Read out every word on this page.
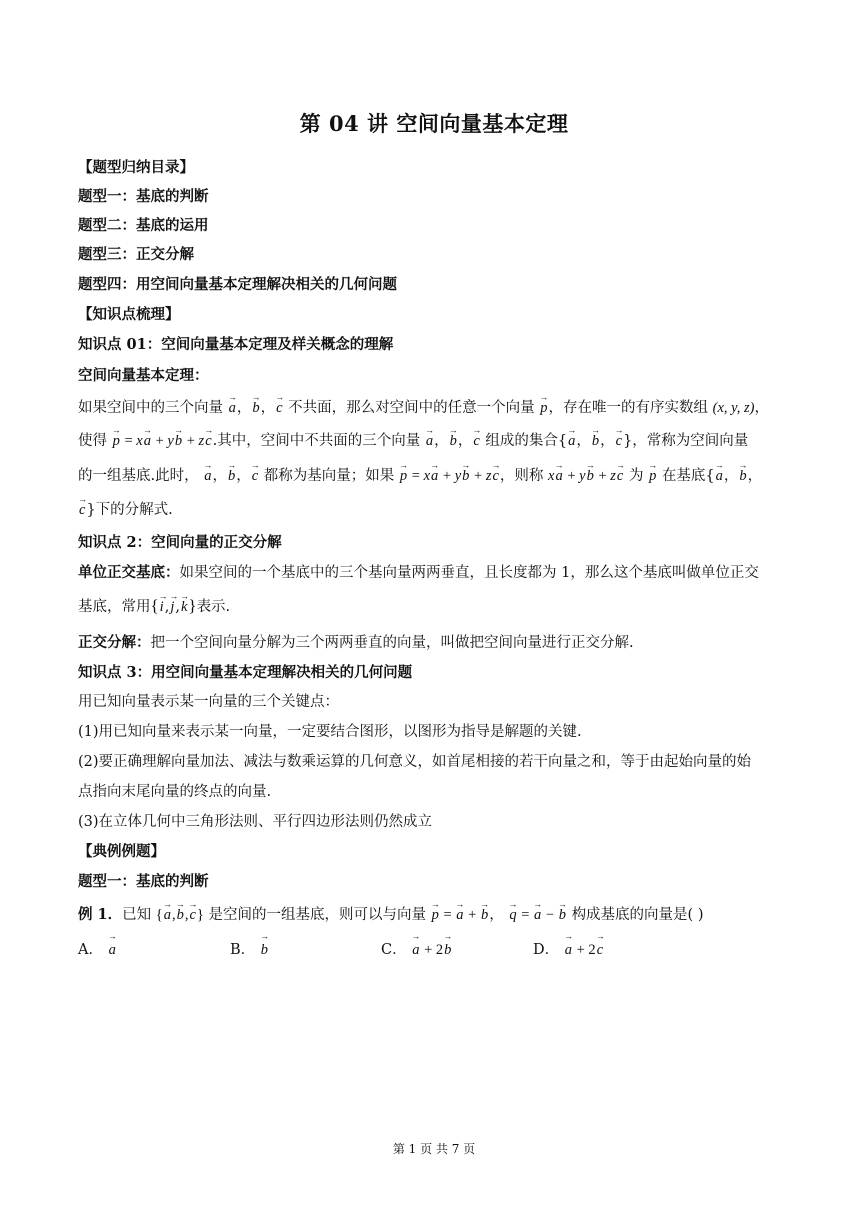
第 04 讲 空间向量基本定理
【题型归纳目录】
题型一：基底的判断
题型二：基底的运用
题型三：正交分解
题型四：用空间向量基本定理解决相关的几何问题
【知识点梳理】
知识点 01：空间向量基本定理及样关概念的理解
空间向量基本定理：
如果空间中的三个向量 → a，→ b，→ c 不共面，那么对空间中的任意一个向量 → p，存在唯一的有序实数组 (x, y, z)，
使得 → p = x→ a + y→ b + z→ c.其中，空间中不共面的三个向量 → a，→ b，→ c 组成的集合{→ a，→ b，→ c}，常称为空间向量
的一组基底.此时， → a，→ b，→ c 都称为基向量；如果 → p = x→ a + y→ b + z→ c，则称 x→ a + y→ b + z→ c 为 → p 在基底{→ a，→ b，
→ c}下的分解式.
知识点 2：空间向量的正交分解
单位正交基底：如果空间的一个基底中的三个基向量两两垂直，且长度都为 1，那么这个基底叫做单位正交
基底，常用{→ i,→ j,→ k}表示.
正交分解：把一个空间向量分解为三个两两垂直的向量，叫做把空间向量进行正交分解.
知识点 3：用空间向量基本定理解决相关的几何问题
用已知向量表示某一向量的三个关键点：
(1)用已知向量来表示某一向量，一定要结合图形，以图形为指导是解题的关键.
(2)要正确理解向量加法、减法与数乘运算的几何意义，如首尾相接的若干向量之和，等于由起始向量的始
点指向末尾向量的终点的向量.
(3)在立体几何中三角形法则、平行四边形法则仍然成立
【典例例题】
题型一：基底的判断
例 1．已知 {→ a,→ b,→ c} 是空间的一组基底，则可以与向量 → p = → a + → b， → q = → a − → b 构成基底的向量是( )
A． → a	B． → b	C． → a + 2→ b	D． → a + 2→ c
第 1 页 共 7 页
